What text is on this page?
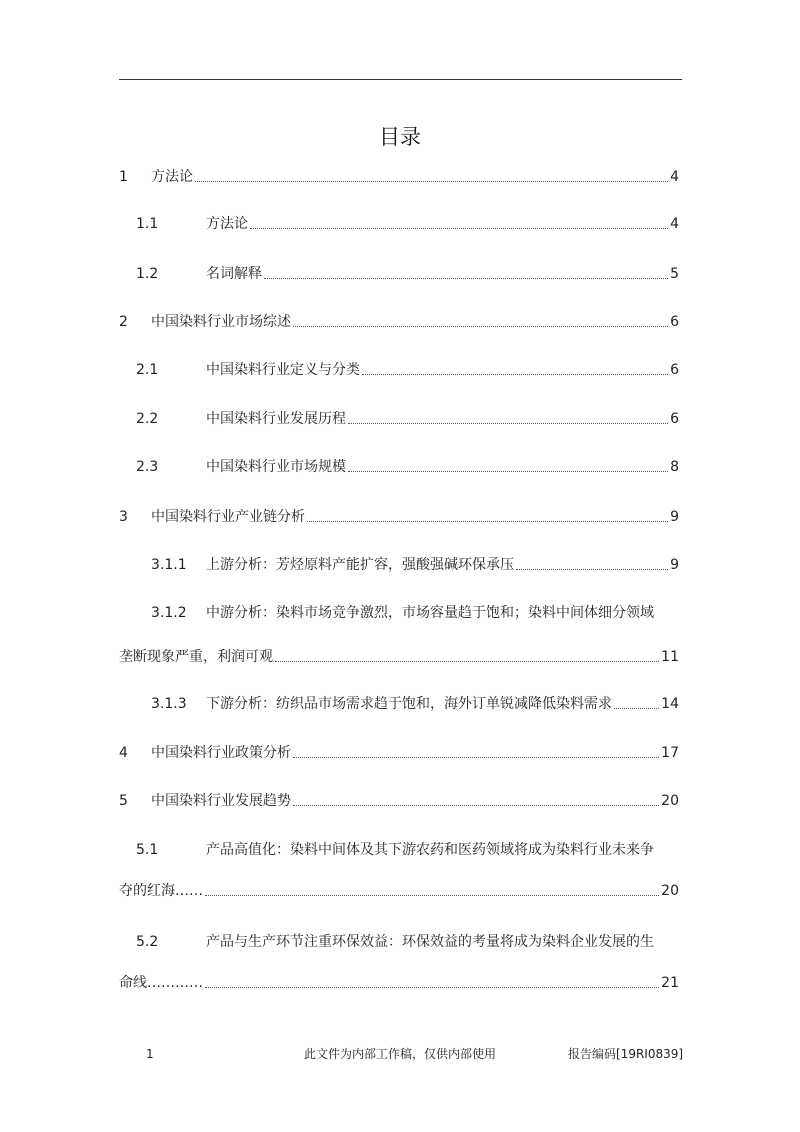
目录
1	方法论	4
1.1	方法论	4
1.2	名词解释	5
2	中国染料行业市场综述	6
2.1	中国染料行业定义与分类	6
2.2	中国染料行业发展历程	6
2.3	中国染料行业市场规模	8
3	中国染料行业产业链分析	9
3.1.1	上游分析：芳烃原料产能扩容，强酸强碱环保承压	9
3.1.2	中游分析：染料市场竞争激烈，市场容量趋于饱和；染料中间体细分领域
垄断现象严重，利润可观	11
3.1.3	下游分析：纺织品市场需求趋于饱和，海外订单锐减降低染料需求	14
4	中国染料行业政策分析	17
5	中国染料行业发展趋势	20
5.1	产品高值化：染料中间体及其下游农药和医药领域将成为染料行业未来争
夺的红海……	20
5.2	产品与生产环节注重环保效益：环保效益的考量将成为染料企业发展的生
命线…………	21
1	此文件为内部工作稿，仅供内部使用	报告编码[19RI0839]
